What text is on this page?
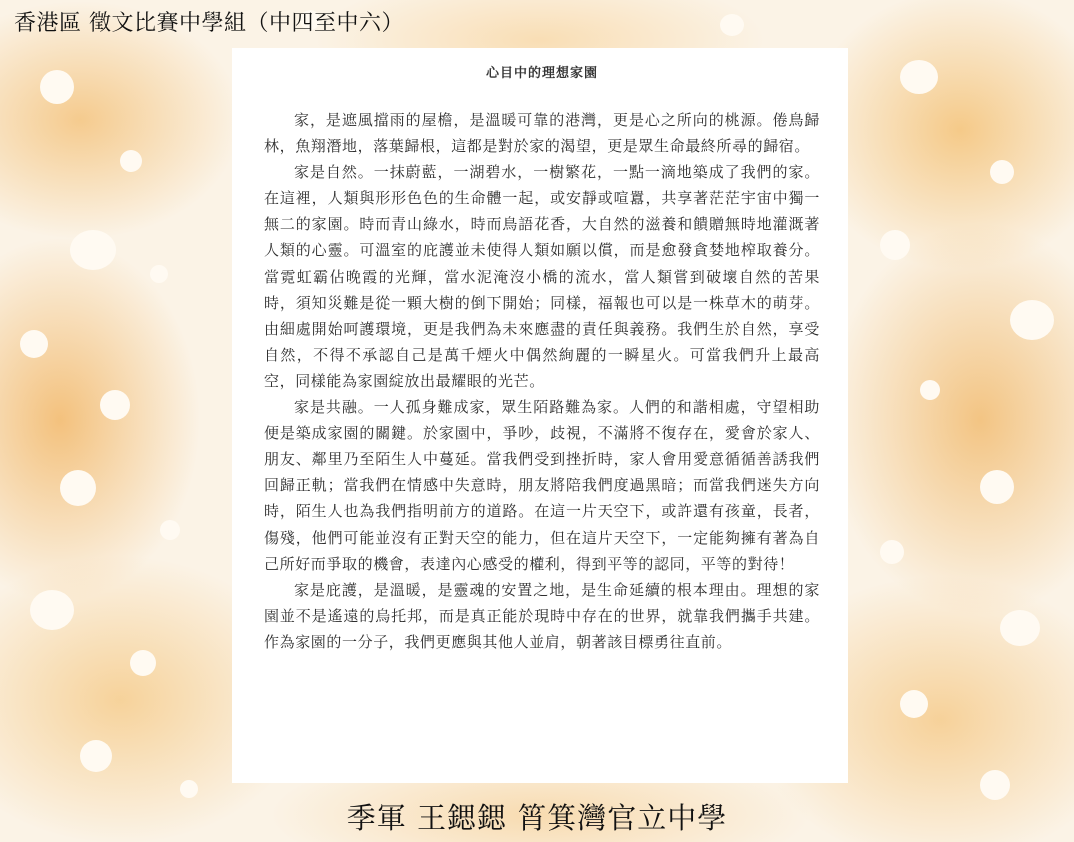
香港區 徵文比賽中學組（中四至中六）
心目中的理想家園

家，是遮風擋雨的屋檐，是溫暖可靠的港灣，更是心之所向的桃源。倦鳥歸林，魚翔潛地，落葉歸根，這都是對於家的渴望，更是眾生命最終所尋的歸宿。

家是自然。一抹蔚藍，一湖碧水，一樹繁花，一點一滴地築成了我們的家。在這裡，人類與形形色色的生命體一起，或安靜或喧囂，共享著茫茫宇宙中獨一無二的家園。時而青山綠水，時而鳥語花香，大自然的滋養和饋贈無時地灌溉著人類的心靈。可溫室的庇護並未使得人類如願以償，而是愈發貪婪地榨取養分。當霓虹霸佔晚霞的光輝，當水泥淹沒小橋的流水，當人類嘗到破壞自然的苦果時，須知災難是從一顆大樹的倒下開始；同樣，福報也可以是一株草木的萌芽。由細處開始呵護環境，更是我們為未來應盡的責任與義務。我們生於自然，享受自然，不得不承認自己是萬千煙火中偶然絢麗的一瞬星火。可當我們升上最高空，同樣能為家園綻放出最耀眼的光芒。

家是共融。一人孤身難成家，眾生陌路難為家。人們的和諧相處，守望相助便是築成家園的關鍵。於家園中，爭吵，歧視，不滿將不復存在，愛會於家人、朋友、鄰里乃至陌生人中蔓延。當我們受到挫折時，家人會用愛意循循善誘我們回歸正軌；當我們在情感中失意時，朋友將陪我們度過黑暗；而當我們迷失方向時，陌生人也為我們指明前方的道路。在這一片天空下，或許還有孩童，長者，傷殘，他們可能並沒有正對天空的能力，但在這片天空下，一定能夠擁有著為自己所好而爭取的機會，表達內心感受的權利，得到平等的認同，平等的對待！

家是庇護，是溫暖，是靈魂的安置之地，是生命延續的根本理由。理想的家園並不是遙遠的烏托邦，而是真正能於現時中存在的世界，就靠我們攜手共建。作為家園的一分子，我們更應與其他人並肩，朝著該目標勇往直前。

季軍 王鍶鍶 筲箕灣官立中學
